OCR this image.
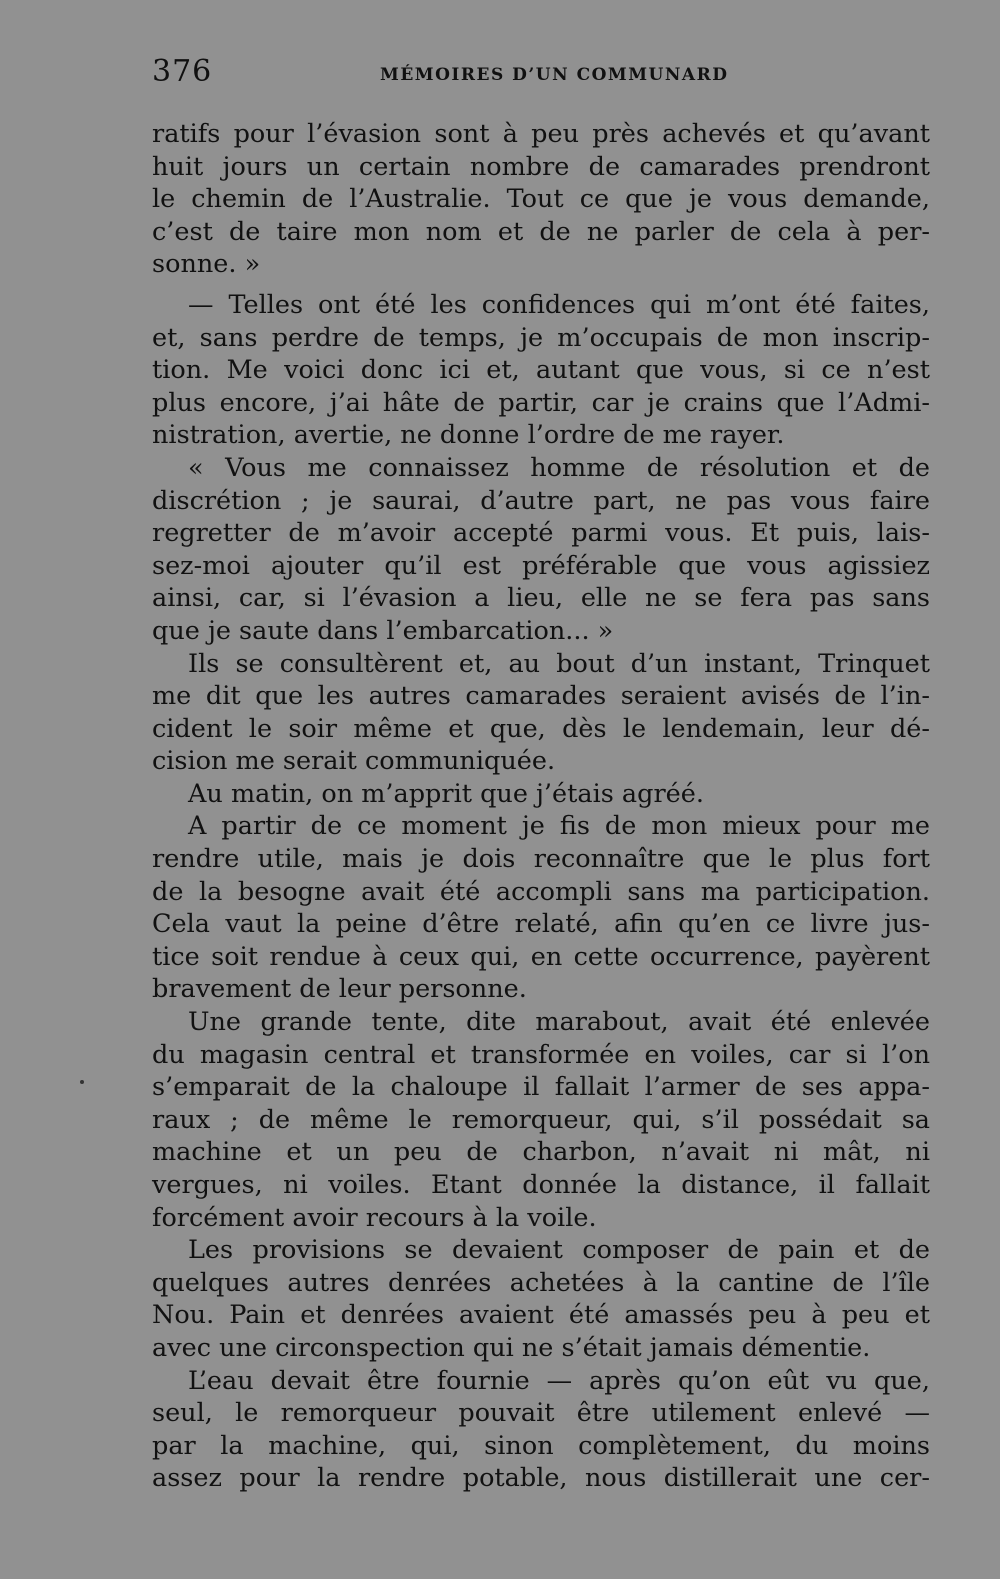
376	MÉMOIRES D’UN COMMUNARD
ratifs pour l’évasion sont à peu près achevés et qu’avant
huit jours un certain nombre de camarades prendront
le chemin de l’Australie. Tout ce que je vous demande,
c’est de taire mon nom et de ne parler de cela à per-
sonne. »
— Telles ont été les confidences qui m’ont été faites,
et, sans perdre de temps, je m’occupais de mon inscrip-
tion. Me voici donc ici et, autant que vous, si ce n’est
plus encore, j’ai hâte de partir, car je crains que l’Admi-
nistration, avertie, ne donne l’ordre de me rayer.
« Vous me connaissez homme de résolution et de
discrétion ; je saurai, d’autre part, ne pas vous faire
regretter de m’avoir accepté parmi vous. Et puis, lais-
sez-moi ajouter qu’il est préférable que vous agissiez
ainsi, car, si l’évasion a lieu, elle ne se fera pas sans
que je saute dans l’embarcation... »
Ils se consultèrent et, au bout d’un instant, Trinquet
me dit que les autres camarades seraient avisés de l’in-
cident le soir même et que, dès le lendemain, leur dé-
cision me serait communiquée.
Au matin, on m’apprit que j’étais agréé.
A partir de ce moment je fis de mon mieux pour me
rendre utile, mais je dois reconnaître que le plus fort
de la besogne avait été accompli sans ma participation.
Cela vaut la peine d’être relaté, afin qu’en ce livre jus-
tice soit rendue à ceux qui, en cette occurrence, payèrent
bravement de leur personne.
Une grande tente, dite marabout, avait été enlevée
du magasin central et transformée en voiles, car si l’on
s’emparait de la chaloupe il fallait l’armer de ses appa-
raux ; de même le remorqueur, qui, s’il possédait sa
machine et un peu de charbon, n’avait ni mât, ni
vergues, ni voiles. Etant donnée la distance, il fallait
forcément avoir recours à la voile.
Les provisions se devaient composer de pain et de
quelques autres denrées achetées à la cantine de l’île
Nou. Pain et denrées avaient été amassés peu à peu et
avec une circonspection qui ne s’était jamais démentie.
L’eau devait être fournie — après qu’on eût vu que,
seul, le remorqueur pouvait être utilement enlevé —
par la machine, qui, sinon complètement, du moins
assez pour la rendre potable, nous distillerait une cer-
